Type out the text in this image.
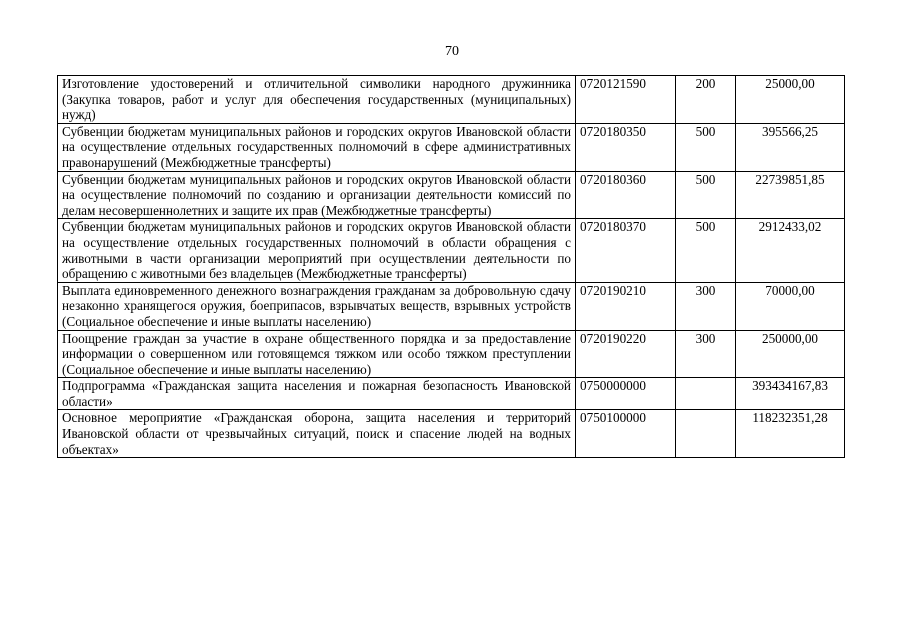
70
Изготовление удостоверений и отличительной символики народного дружинника (Закупка товаров, работ и услуг для обеспечения государственных (муниципальных) нужд)	0720121590	200	25000,00
Субвенции бюджетам муниципальных районов и городских округов Ивановской области на осуществление отдельных государственных полномочий в сфере административных правонарушений (Межбюджетные трансферты)	0720180350	500	395566,25
Субвенции бюджетам муниципальных районов и городских округов Ивановской области на осуществление полномочий по созданию и организации деятельности комиссий по делам несовершеннолетних и защите их прав (Межбюджетные трансферты)	0720180360	500	22739851,85
Субвенции бюджетам муниципальных районов и городских округов Ивановской области на осуществление отдельных государственных полномочий в области обращения с животными в части организации мероприятий при осуществлении деятельности по обращению с животными без владельцев (Межбюджетные трансферты)	0720180370	500	2912433,02
Выплата единовременного денежного вознаграждения гражданам за добровольную сдачу незаконно хранящегося оружия, боеприпасов, взрывчатых веществ, взрывных устройств (Социальное обеспечение и иные выплаты населению)	0720190210	300	70000,00
Поощрение граждан за участие в охране общественного порядка и за предоставление информации о совершенном или готовящемся тяжком или особо тяжком преступлении (Социальное обеспечение и иные выплаты населению)	0720190220	300	250000,00
Подпрограмма «Гражданская защита населения и пожарная безопасность Ивановской области»	0750000000		393434167,83
Основное мероприятие «Гражданская оборона, защита населения и территорий Ивановской области от чрезвычайных ситуаций, поиск и спасение людей на водных объектах»	0750100000		118232351,28
